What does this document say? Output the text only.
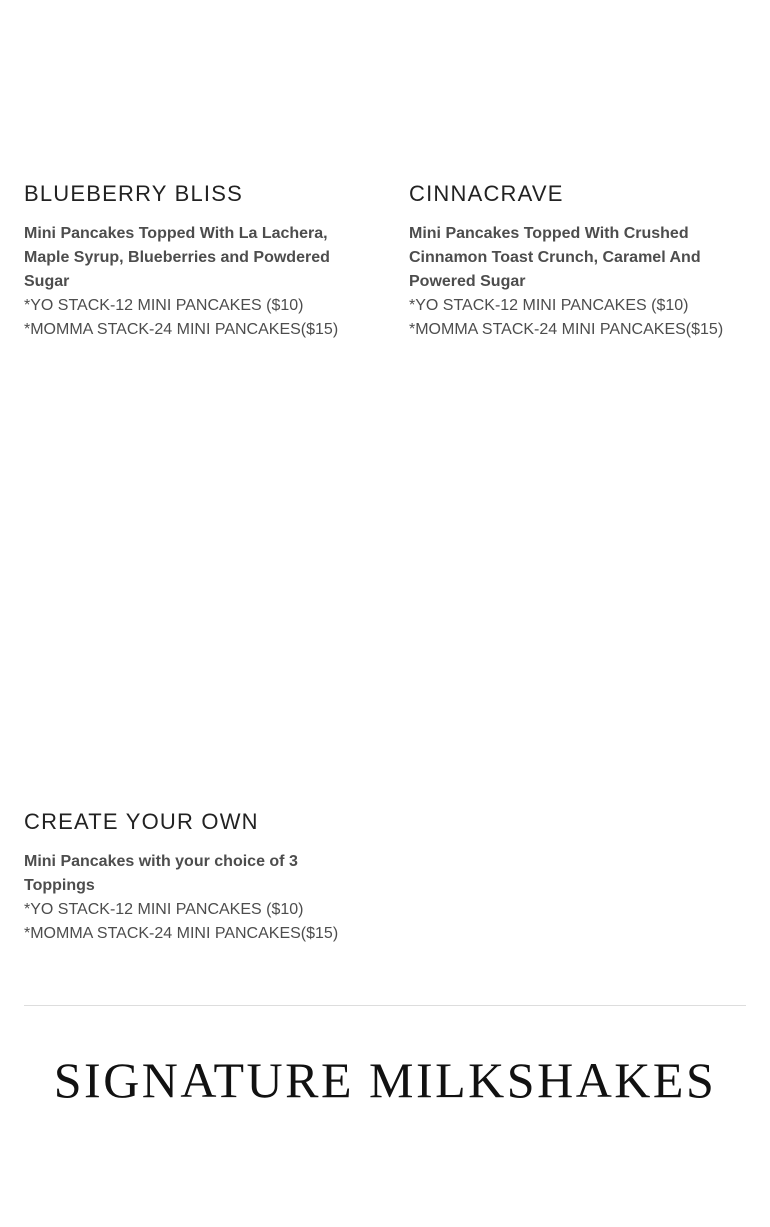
BLUEBERRY BLISS

Mini Pancakes Topped With La Lachera, Maple Syrup, Blueberries and Powdered Sugar

*YO STACK-12 MINI PANCAKES ($10)

*MOMMA STACK-24 MINI PANCAKES($15)

CINNACRAVE

Mini Pancakes Topped With Crushed Cinnamon Toast Crunch, Caramel And Powered Sugar

*YO STACK-12 MINI PANCAKES ($10)

*MOMMA STACK-24 MINI PANCAKES($15)

CREATE YOUR OWN

Mini Pancakes with your choice of 3 Toppings

*YO STACK-12 MINI PANCAKES ($10)

*MOMMA STACK-24 MINI PANCAKES($15)

SIGNATURE MILKSHAKES
